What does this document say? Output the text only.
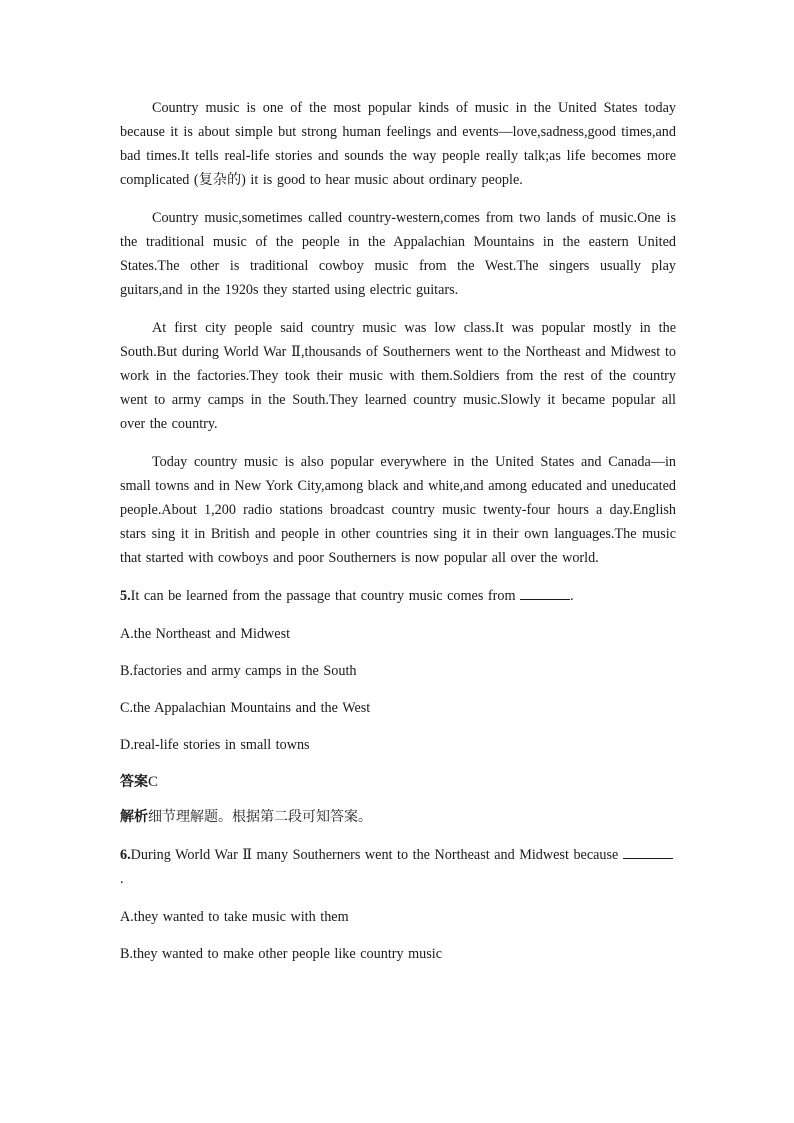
Country music is one of the most popular kinds of music in the United States today because it is about simple but strong human feelings and events—love,sadness,good times,and bad times.It tells real-life stories and sounds the way people really talk;as life becomes more complicated (复杂的) it is good to hear music about ordinary people.

Country music,sometimes called country-western,comes from two lands of music.One is the traditional music of the people in the Appalachian Mountains in the eastern United States.The other is traditional cowboy music from the West.The singers usually play guitars,and in the 1920s they started using electric guitars.

At first city people said country music was low class.It was popular mostly in the South.But during World War Ⅱ,thousands of Southerners went to the Northeast and Midwest to work in the factories.They took their music with them.Soldiers from the rest of the country went to army camps in the South.They learned country music.Slowly it became popular all over the country.

Today country music is also popular everywhere in the United States and Canada—in small towns and in New York City,among black and white,and among educated and uneducated people.About 1,200 radio stations broadcast country music twenty-four hours a day.English stars sing it in British and people in other countries sing it in their own languages.The music that started with cowboys and poor Southerners is now popular all over the world.

5.It can be learned from the passage that country music comes from	.

A.the Northeast and Midwest

B.factories and army camps in the South

C.the Appalachian Mountains and the West

D.real-life stories in small towns

答案C

解析细节理解题。根据第二段可知答案。

6.During World War Ⅱ many Southerners went to the Northeast and Midwest because .

A.they wanted to take music with them

B.they wanted to make other people like country music
